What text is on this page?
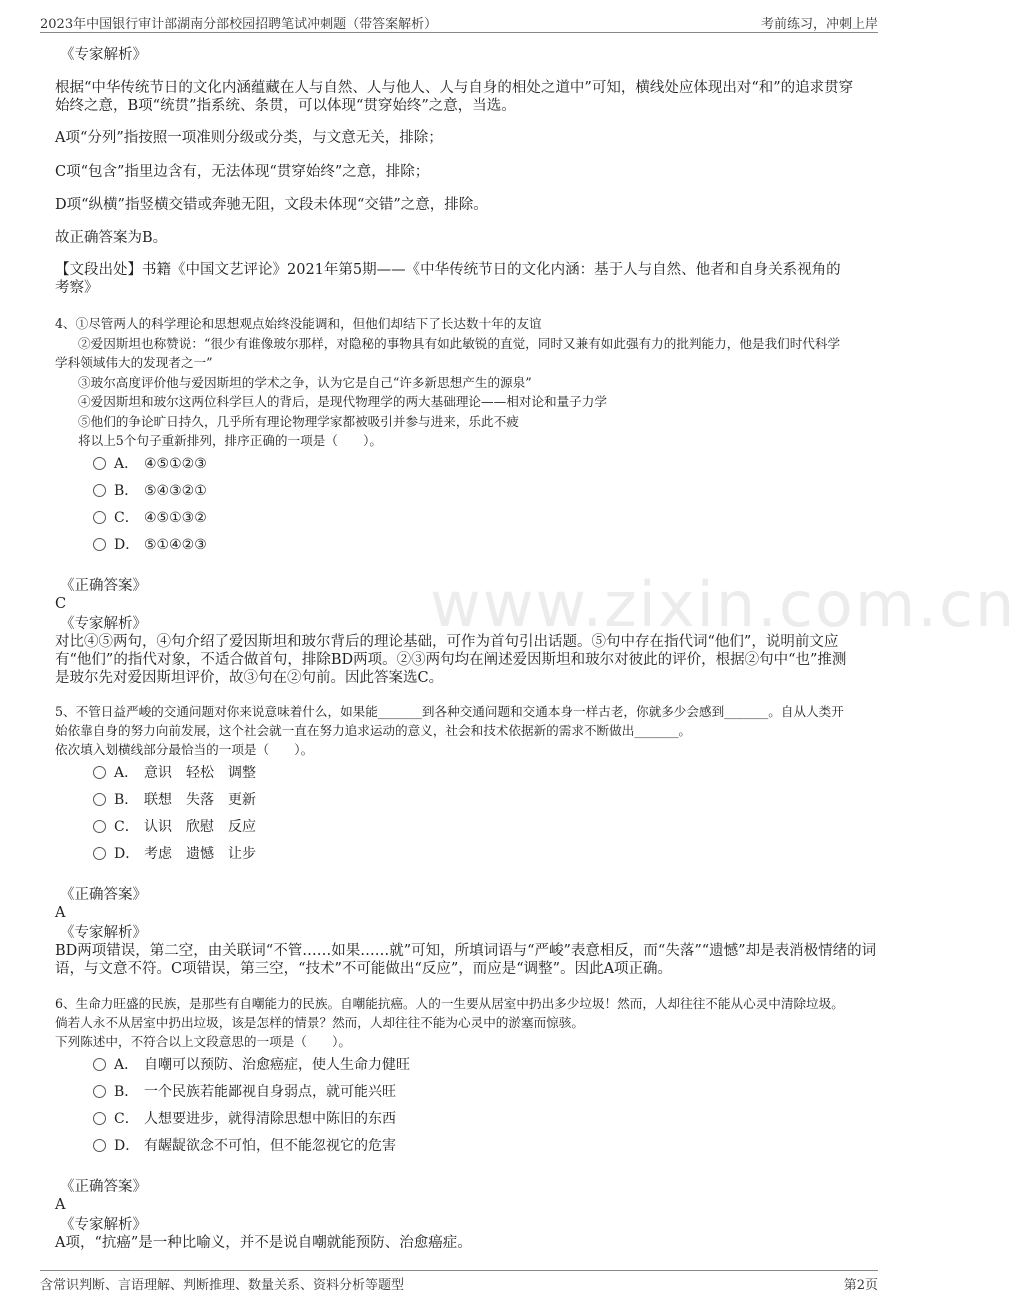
2023年中国银行审计部湖南分部校园招聘笔试冲刺题（带答案解析）	考前练习，冲刺上岸
www.zixin.com.cn
《专家解析》
根据“中华传统节日的文化内涵蕴藏在人与自然、人与他人、人与自身的相处之道中”可知，横线处应体现出对“和”的追求贯穿
始终之意，B项“统贯”指系统、条贯，可以体现“贯穿始终”之意，当选。
A项“分列”指按照一项准则分级或分类，与文意无关，排除；
C项“包含”指里边含有，无法体现“贯穿始终”之意，排除；
D项“纵横”指竖横交错或奔驰无阻，文段未体现“交错”之意，排除。
故正确答案为B。
【文段出处】书籍《中国文艺评论》2021年第5期——《中华传统节日的文化内涵：基于人与自然、他者和自身关系视角的
考察》
4、①尽管两人的科学理论和思想观点始终没能调和，但他们却结下了长达数十年的友谊
②爱因斯坦也称赞说：“很少有谁像玻尔那样，对隐秘的事物具有如此敏锐的直觉，同时又兼有如此强有力的批判能力，他是我们时代科学
学科领域伟大的发现者之一”
③玻尔高度评价他与爱因斯坦的学术之争，认为它是自己“许多新思想产生的源泉”
④爱因斯坦和玻尔这两位科学巨人的背后，是现代物理学的两大基础理论——相对论和量子力学
⑤他们的争论旷日持久，几乎所有理论物理学家都被吸引并参与进来，乐此不疲
将以上5个句子重新排列，排序正确的一项是（　　）。
A． ④⑤①②③
B． ⑤④③②①
C． ④⑤①③②
D． ⑤①④②③
《正确答案》
C
《专家解析》
对比④⑤两句，④句介绍了爱因斯坦和玻尔背后的理论基础，可作为首句引出话题。⑤句中存在指代词“他们”，说明前文应
有“他们”的指代对象，不适合做首句，排除BD两项。②③两句均在阐述爱因斯坦和玻尔对彼此的评价，根据②句中“也”推测
是玻尔先对爱因斯坦评价，故③句在②句前。因此答案选C。
5、不管日益严峻的交通问题对你来说意味着什么，如果能_______到各种交通问题和交通本身一样古老，你就多少会感到_______。自从人类开
始依靠自身的努力向前发展，这个社会就一直在努力追求运动的意义，社会和技术依据新的需求不断做出_______。
依次填入划横线部分最恰当的一项是（　　）。
A． 意识　轻松　调整
B． 联想　失落　更新
C． 认识　欣慰　反应
D． 考虑　遗憾　让步
《正确答案》
A
《专家解析》
BD两项错误，第二空，由关联词“不管……如果……就”可知，所填词语与“严峻”表意相反，而“失落”“遗憾”却是表消极情绪的词
语，与文意不符。C项错误，第三空，“技术”不可能做出“反应”，而应是“调整”。因此A项正确。
6、生命力旺盛的民族，是那些有自嘲能力的民族。自嘲能抗癌。人的一生要从居室中扔出多少垃圾！然而，人却往往不能从心灵中清除垃圾。
倘若人永不从居室中扔出垃圾，该是怎样的情景？然而，人却往往不能为心灵中的淤塞而惊骇。
下列陈述中，不符合以上文段意思的一项是（　　）。
A． 自嘲可以预防、治愈癌症，使人生命力健旺
B． 一个民族若能鄙视自身弱点，就可能兴旺
C． 人想要进步，就得清除思想中陈旧的东西
D． 有龌龊欲念不可怕，但不能忽视它的危害
《正确答案》
A
《专家解析》
A项，“抗癌”是一种比喻义，并不是说自嘲就能预防、治愈癌症。
含常识判断、言语理解、判断推理、数量关系、资料分析等题型	第2页
